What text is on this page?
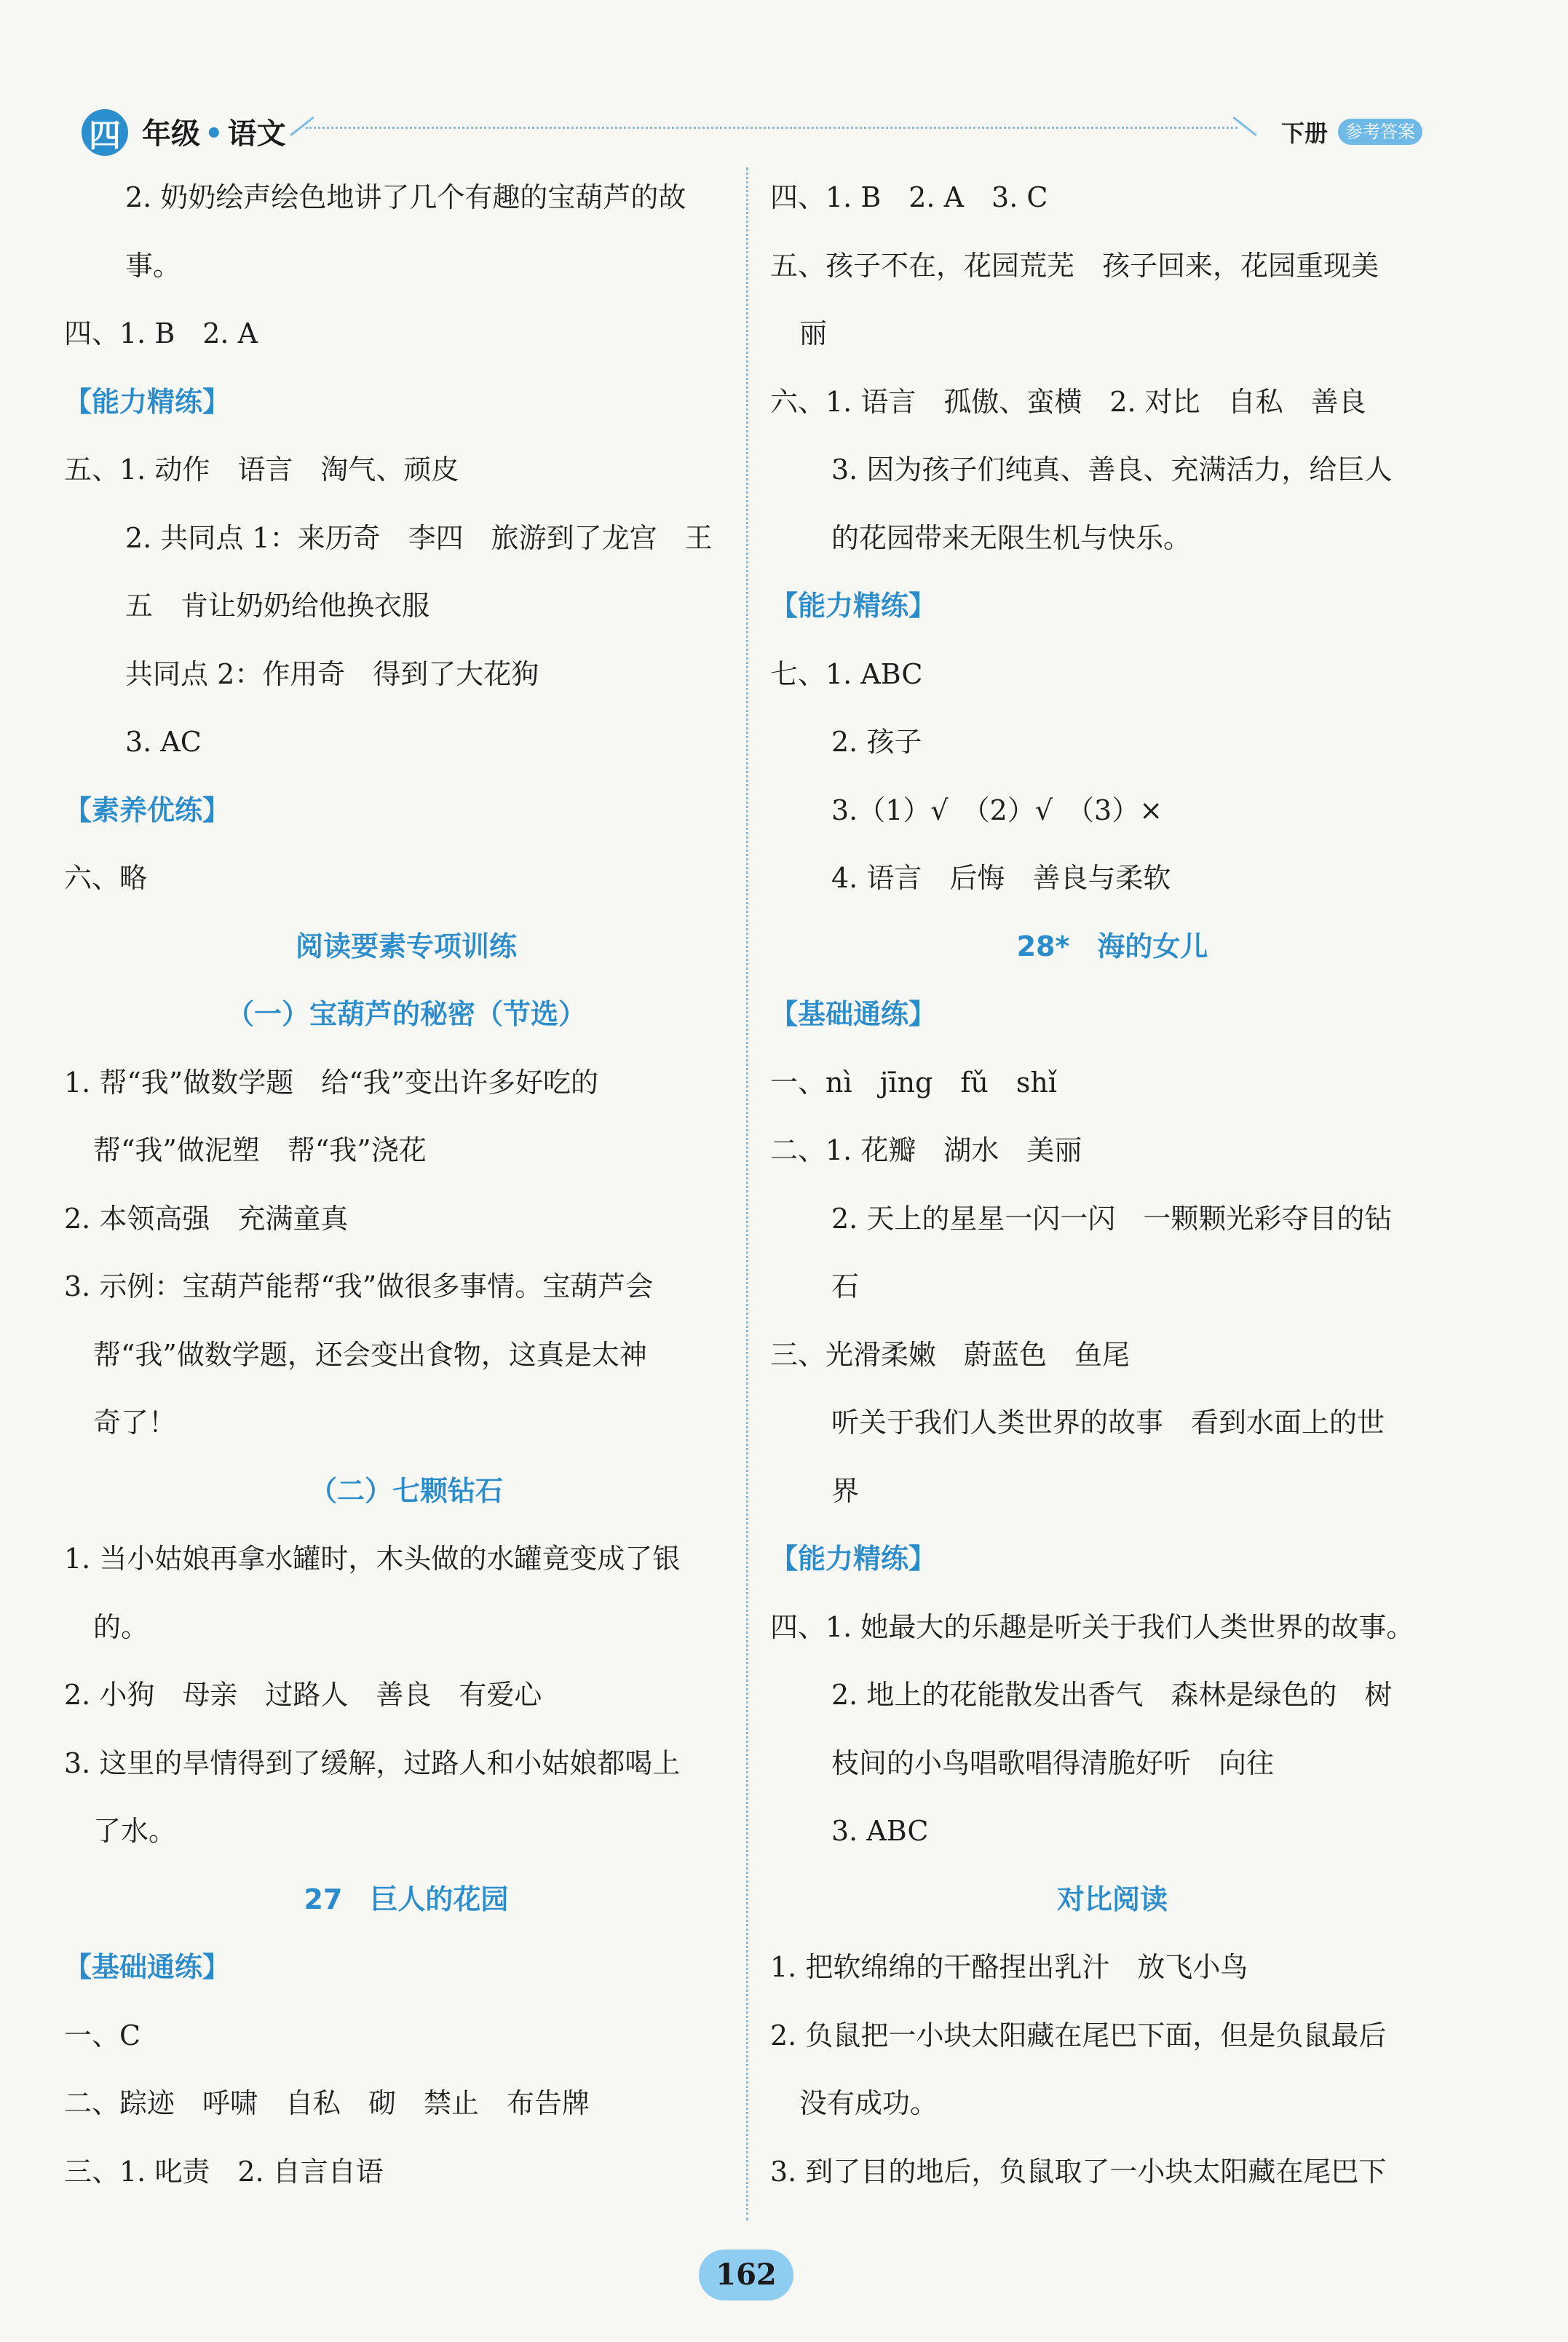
四 年级 • 语文	下册 参考答案
2. 奶奶绘声绘色地讲了几个有趣的宝葫芦的故
事。
四、1. B　2. A
【能力精练】
五、1. 动作　语言　淘气、顽皮
2. 共同点 1：来历奇　李四　旅游到了龙宫　王
五　肯让奶奶给他换衣服
共同点 2：作用奇　得到了大花狗
3. AC
【素养优练】
六、略
阅读要素专项训练
（一）宝葫芦的秘密（节选）
1. 帮“我”做数学题　给“我”变出许多好吃的
帮“我”做泥塑　帮“我”浇花
2. 本领高强　充满童真
3. 示例：宝葫芦能帮“我”做很多事情。宝葫芦会
帮“我”做数学题，还会变出食物，这真是太神
奇了！
（二）七颗钻石
1. 当小姑娘再拿水罐时，木头做的水罐竟变成了银
的。
2. 小狗　母亲　过路人　善良　有爱心
3. 这里的旱情得到了缓解，过路人和小姑娘都喝上
了水。
27　巨人的花园
【基础通练】
一、C
二、踪迹　呼啸　自私　砌　禁止　布告牌
三、1. 叱责　2. 自言自语
四、1. B　2. A　3. C
五、孩子不在，花园荒芜　孩子回来，花园重现美
丽
六、1. 语言　孤傲、蛮横　2. 对比　自私　善良
3. 因为孩子们纯真、善良、充满活力，给巨人
的花园带来无限生机与快乐。
【能力精练】
七、1. ABC
2. 孩子
3.（1）√　（2）√　（3）×
4. 语言　后悔　善良与柔软
28*　海的女儿
【基础通练】
一、nì　jīng　fǔ　shǐ
二、1. 花瓣　湖水　美丽
2. 天上的星星一闪一闪　一颗颗光彩夺目的钻
石
三、光滑柔嫩　蔚蓝色　鱼尾
听关于我们人类世界的故事　看到水面上的世
界
【能力精练】
四、1. 她最大的乐趣是听关于我们人类世界的故事。
2. 地上的花能散发出香气　森林是绿色的　树
枝间的小鸟唱歌唱得清脆好听　向往
3. ABC
对比阅读
1. 把软绵绵的干酪捏出乳汁　放飞小鸟
2. 负鼠把一小块太阳藏在尾巴下面，但是负鼠最后
没有成功。
3. 到了目的地后，负鼠取了一小块太阳藏在尾巴下
162
